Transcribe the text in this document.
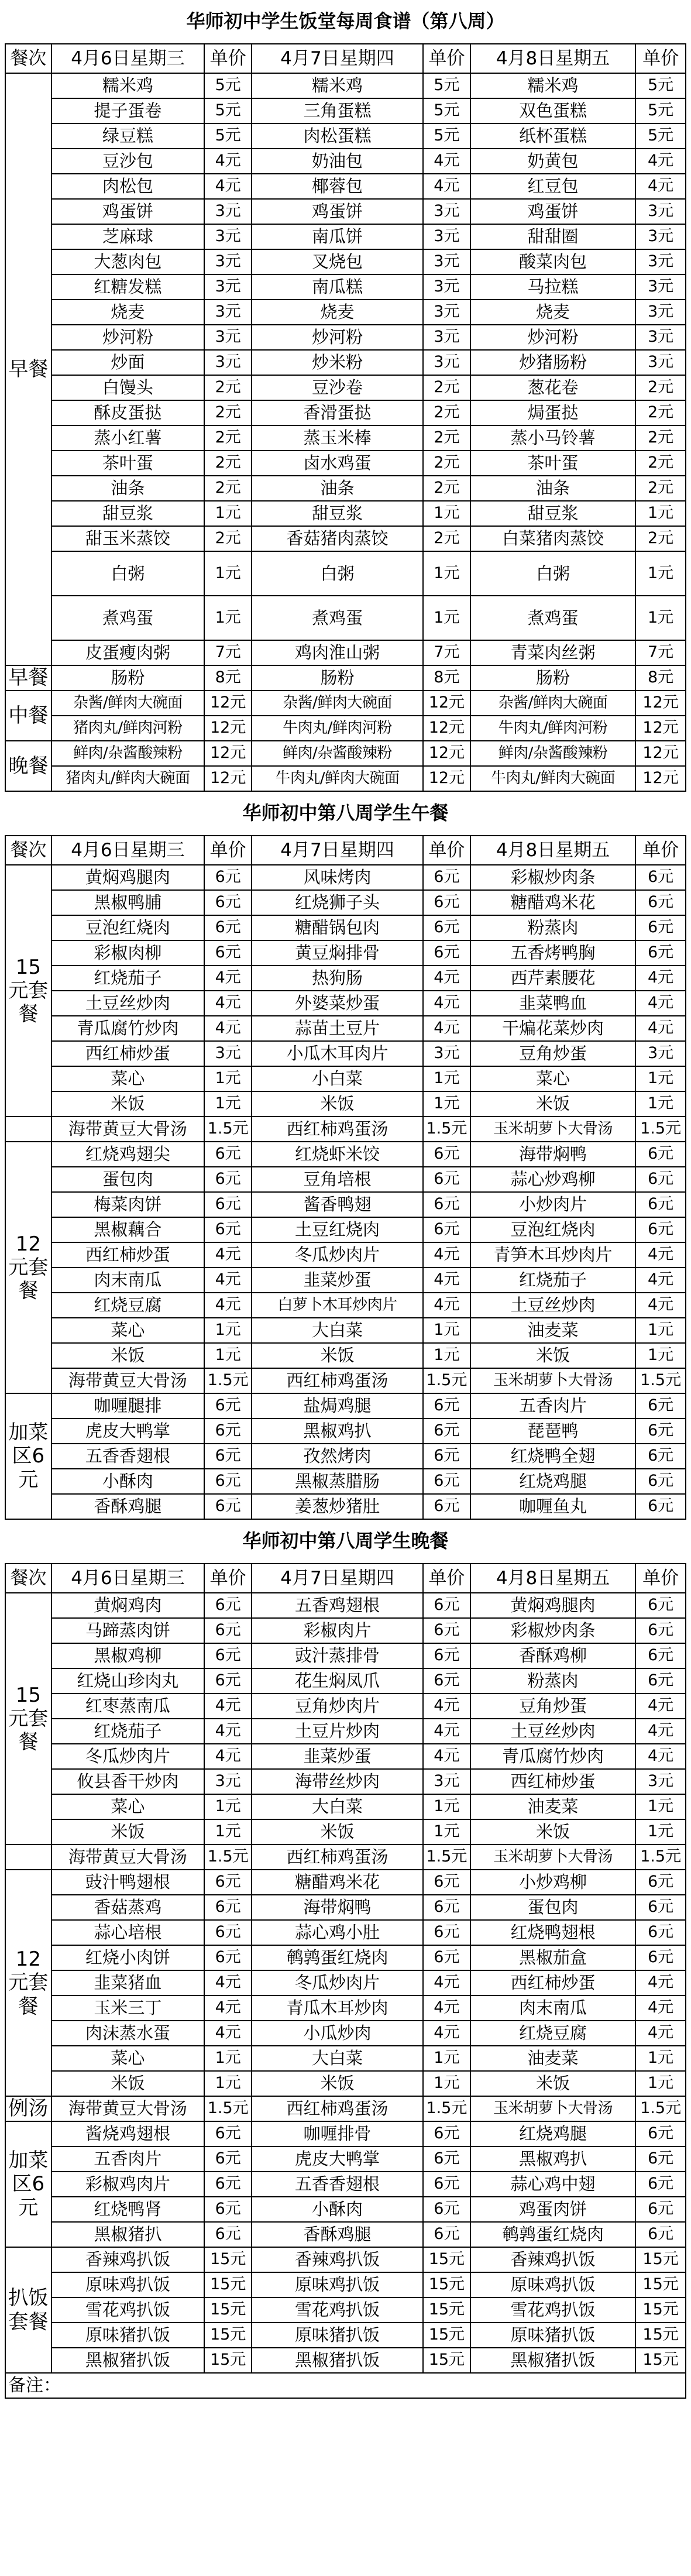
华师初中学生饭堂每周食谱（第八周）						
餐次	4月6日星期三	单价	4月7日星期四	单价	4月8日星期五	单价
早餐	糯米鸡	5元	糯米鸡	5元	糯米鸡	5元
	提子蛋卷	5元	三角蛋糕	5元	双色蛋糕	5元
	绿豆糕	5元	肉松蛋糕	5元	纸杯蛋糕	5元
	豆沙包	4元	奶油包	4元	奶黄包	4元
	肉松包	4元	椰蓉包	4元	红豆包	4元
	鸡蛋饼	3元	鸡蛋饼	3元	鸡蛋饼	3元
	芝麻球	3元	南瓜饼	3元	甜甜圈	3元
	大葱肉包	3元	叉烧包	3元	酸菜肉包	3元
	红糖发糕	3元	南瓜糕	3元	马拉糕	3元
	烧麦	3元	烧麦	3元	烧麦	3元
	炒河粉	3元	炒河粉	3元	炒河粉	3元
	炒面	3元	炒米粉	3元	炒猪肠粉	3元
	白馒头	2元	豆沙卷	2元	葱花卷	2元
	酥皮蛋挞	2元	香滑蛋挞	2元	焗蛋挞	2元
	蒸小红薯	2元	蒸玉米棒	2元	蒸小马铃薯	2元
	茶叶蛋	2元	卤水鸡蛋	2元	茶叶蛋	2元
	油条	2元	油条	2元	油条	2元
	甜豆浆	1元	甜豆浆	1元	甜豆浆	1元
	甜玉米蒸饺	2元	香菇猪肉蒸饺	2元	白菜猪肉蒸饺	2元
	白粥	1元	白粥	1元	白粥	1元
	煮鸡蛋	1元	煮鸡蛋	1元	煮鸡蛋	1元
	皮蛋瘦肉粥	7元	鸡肉淮山粥	7元	青菜肉丝粥	7元
早餐	肠粉	8元	肠粉	8元	肠粉	8元
中餐	杂酱/鲜肉大碗面	12元	杂酱/鲜肉大碗面	12元	杂酱/鲜肉大碗面	12元
	猪肉丸/鲜肉河粉	12元	牛肉丸/鲜肉河粉	12元	牛肉丸/鲜肉河粉	12元
晚餐	鲜肉/杂酱酸辣粉	12元	鲜肉/杂酱酸辣粉	12元	鲜肉/杂酱酸辣粉	12元
	猪肉丸/鲜肉大碗面	12元	牛肉丸/鲜肉大碗面	12元	牛肉丸/鲜肉大碗面	12元
华师初中第八周学生午餐						
餐次	4月6日星期三	单价	4月7日星期四	单价	4月8日星期五	单价
15元套餐	黄焖鸡腿肉	6元	风味烤肉	6元	彩椒炒肉条	6元
	黑椒鸭脯	6元	红烧狮子头	6元	糖醋鸡米花	6元
	豆泡红烧肉	6元	糖醋锅包肉	6元	粉蒸肉	6元
	彩椒肉柳	6元	黄豆焖排骨	6元	五香烤鸭胸	6元
	红烧茄子	4元	热狗肠	4元	西芹素腰花	4元
	土豆丝炒肉	4元	外婆菜炒蛋	4元	韭菜鸭血	4元
	青瓜腐竹炒肉	4元	蒜苗土豆片	4元	干煸花菜炒肉	4元
	西红柿炒蛋	3元	小瓜木耳肉片	3元	豆角炒蛋	3元
	菜心	1元	小白菜	1元	菜心	1元
	米饭	1元	米饭	1元	米饭	1元
	海带黄豆大骨汤	1.5元	西红柿鸡蛋汤	1.5元	玉米胡萝卜大骨汤	1.5元
12元套餐	红烧鸡翅尖	6元	红烧虾米饺	6元	海带焖鸭	6元
	蛋包肉	6元	豆角培根	6元	蒜心炒鸡柳	6元
	梅菜肉饼	6元	酱香鸭翅	6元	小炒肉片	6元
	黑椒藕合	6元	土豆红烧肉	6元	豆泡红烧肉	6元
	西红柿炒蛋	4元	冬瓜炒肉片	4元	青笋木耳炒肉片	4元
	肉末南瓜	4元	韭菜炒蛋	4元	红烧茄子	4元
	红烧豆腐	4元	白萝卜木耳炒肉片	4元	土豆丝炒肉	4元
	菜心	1元	大白菜	1元	油麦菜	1元
	米饭	1元	米饭	1元	米饭	1元
	海带黄豆大骨汤	1.5元	西红柿鸡蛋汤	1.5元	玉米胡萝卜大骨汤	1.5元
加菜区6元	咖喱腿排	6元	盐焗鸡腿	6元	五香肉片	6元
	虎皮大鸭掌	6元	黑椒鸡扒	6元	琵琶鸭	6元
	五香香翅根	6元	孜然烤肉	6元	红烧鸭全翅	6元
	小酥肉	6元	黑椒蒸腊肠	6元	红烧鸡腿	6元
	香酥鸡腿	6元	姜葱炒猪肚	6元	咖喱鱼丸	6元
华师初中第八周学生晚餐						
餐次	4月6日星期三	单价	4月7日星期四	单价	4月8日星期五	单价
15元套餐	黄焖鸡肉	6元	五香鸡翅根	6元	黄焖鸡腿肉	6元
	马蹄蒸肉饼	6元	彩椒肉片	6元	彩椒炒肉条	6元
	黑椒鸡柳	6元	豉汁蒸排骨	6元	香酥鸡柳	6元
	红烧山珍肉丸	6元	花生焖凤爪	6元	粉蒸肉	6元
	红枣蒸南瓜	4元	豆角炒肉片	4元	豆角炒蛋	4元
	红烧茄子	4元	土豆片炒肉	4元	土豆丝炒肉	4元
	冬瓜炒肉片	4元	韭菜炒蛋	4元	青瓜腐竹炒肉	4元
	攸县香干炒肉	3元	海带丝炒肉	3元	西红柿炒蛋	3元
	菜心	1元	大白菜	1元	油麦菜	1元
	米饭	1元	米饭	1元	米饭	1元
	海带黄豆大骨汤	1.5元	西红柿鸡蛋汤	1.5元	玉米胡萝卜大骨汤	1.5元
12元套餐	豉汁鸭翅根	6元	糖醋鸡米花	6元	小炒鸡柳	6元
	香菇蒸鸡	6元	海带焖鸭	6元	蛋包肉	6元
	蒜心培根	6元	蒜心鸡小肚	6元	红烧鸭翅根	6元
	红烧小肉饼	6元	鹌鹑蛋红烧肉	6元	黑椒茄盒	6元
	韭菜猪血	4元	冬瓜炒肉片	4元	西红柿炒蛋	4元
	玉米三丁	4元	青瓜木耳炒肉	4元	肉末南瓜	4元
	肉沫蒸水蛋	4元	小瓜炒肉	4元	红烧豆腐	4元
	菜心	1元	大白菜	1元	油麦菜	1元
	米饭	1元	米饭	1元	米饭	1元
例汤	海带黄豆大骨汤	1.5元	西红柿鸡蛋汤	1.5元	玉米胡萝卜大骨汤	1.5元
加菜区6元	酱烧鸡翅根	6元	咖喱排骨	6元	红烧鸡腿	6元
	五香肉片	6元	虎皮大鸭掌	6元	黑椒鸡扒	6元
	彩椒鸡肉片	6元	五香香翅根	6元	蒜心鸡中翅	6元
	红烧鸭肾	6元	小酥肉	6元	鸡蛋肉饼	6元
	黑椒猪扒	6元	香酥鸡腿	6元	鹌鹑蛋红烧肉	6元
扒饭套餐	香辣鸡扒饭	15元	香辣鸡扒饭	15元	香辣鸡扒饭	15元
	原味鸡扒饭	15元	原味鸡扒饭	15元	原味鸡扒饭	15元
	雪花鸡扒饭	15元	雪花鸡扒饭	15元	雪花鸡扒饭	15元
	原味猪扒饭	15元	原味猪扒饭	15元	原味猪扒饭	15元
	黑椒猪扒饭	15元	黑椒猪扒饭	15元	黑椒猪扒饭	15元
备注：						
